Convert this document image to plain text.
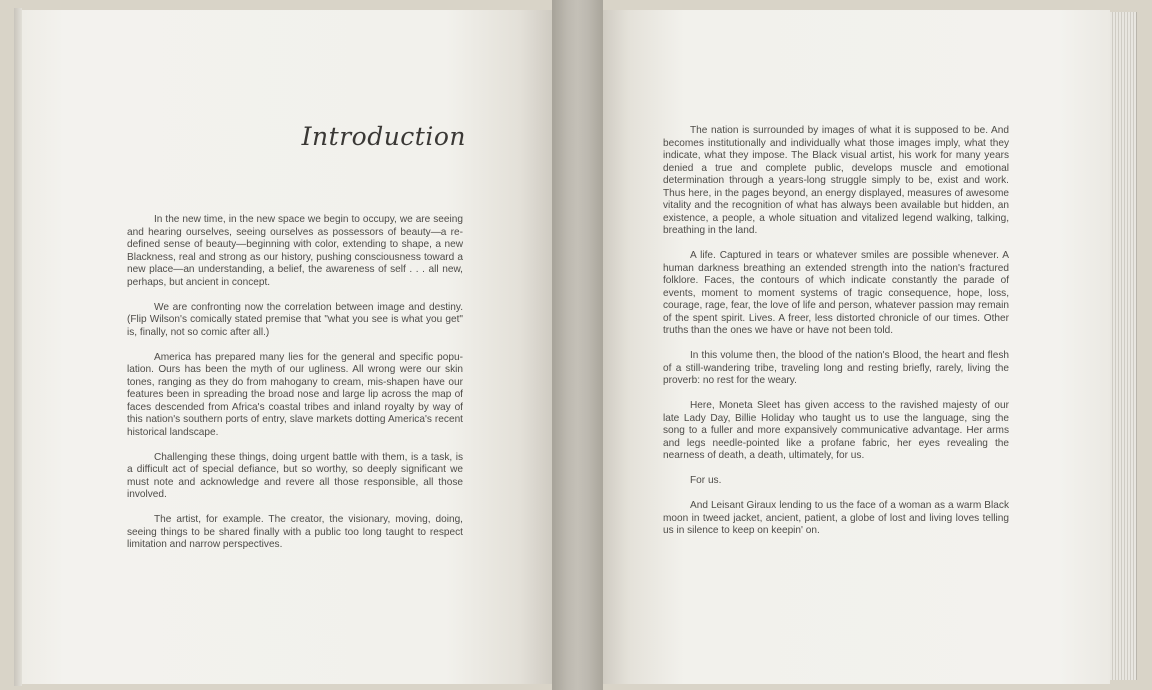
Introduction

In the new time, in the new space we begin to occupy, we are seeing and hearing ourselves, seeing ourselves as possessors of beauty—a re-defined sense of beauty—beginning with color, extending to shape, a new Blackness, real and strong as our history, pushing consciousness toward a new place—an understanding, a belief, the awareness of self . . . all new, perhaps, but ancient in concept.

We are confronting now the correlation between image and destiny. (Flip Wilson's comically stated premise that "what you see is what you get" is, finally, not so comic after all.)

America has prepared many lies for the general and specific population. Ours has been the myth of our ugliness. All wrong were our skin tones, ranging as they do from mahogany to cream, mis-shapen have our features been in spreading the broad nose and large lip across the map of faces descended from Africa's coastal tribes and inland royalty by way of this nation's southern ports of entry, slave markets dotting America's recent historical landscape.

Challenging these things, doing urgent battle with them, is a task, is a difficult act of special defiance, but so worthy, so deeply significant we must note and acknowledge and revere all those responsible, all those involved.

The artist, for example. The creator, the visionary, moving, doing, seeing things to be shared finally with a public too long taught to respect limitation and narrow perspectives.

The nation is surrounded by images of what it is supposed to be. And becomes institutionally and individually what those images imply, what they indicate, what they impose. The Black visual artist, his work for many years denied a true and complete public, develops muscle and emotional determination through a years-long struggle simply to be, exist and work. Thus here, in the pages beyond, an energy displayed, measures of awesome vitality and the recognition of what has always been available but hidden, an existence, a people, a whole situation and vitalized legend walking, talking, breathing in the land.

A life. Captured in tears or whatever smiles are possible whenever. A human darkness breathing an extended strength into the nation's fractured folklore. Faces, the contours of which indicate constantly the parade of events, moment to moment systems of tragic consequence, hope, loss, courage, rage, fear, the love of life and person, whatever passion may remain of the spent spirit. Lives. A freer, less distorted chronicle of our times. Other truths than the ones we have or have not been told.

In this volume then, the blood of the nation's Blood, the heart and flesh of a still-wandering tribe, traveling long and resting briefly, rarely, living the proverb: no rest for the weary.

Here, Moneta Sleet has given access to the ravished majesty of our late Lady Day, Billie Holiday who taught us to use the language, sing the song to a fuller and more expansively communicative advantage. Her arms and legs needle-pointed like a profane fabric, her eyes revealing the nearness of death, a death, ultimately, for us.

For us.

And Leisant Giraux lending to us the face of a woman as a warm Black moon in tweed jacket, ancient, patient, a globe of lost and living loves telling us in silence to keep on keepin' on.
